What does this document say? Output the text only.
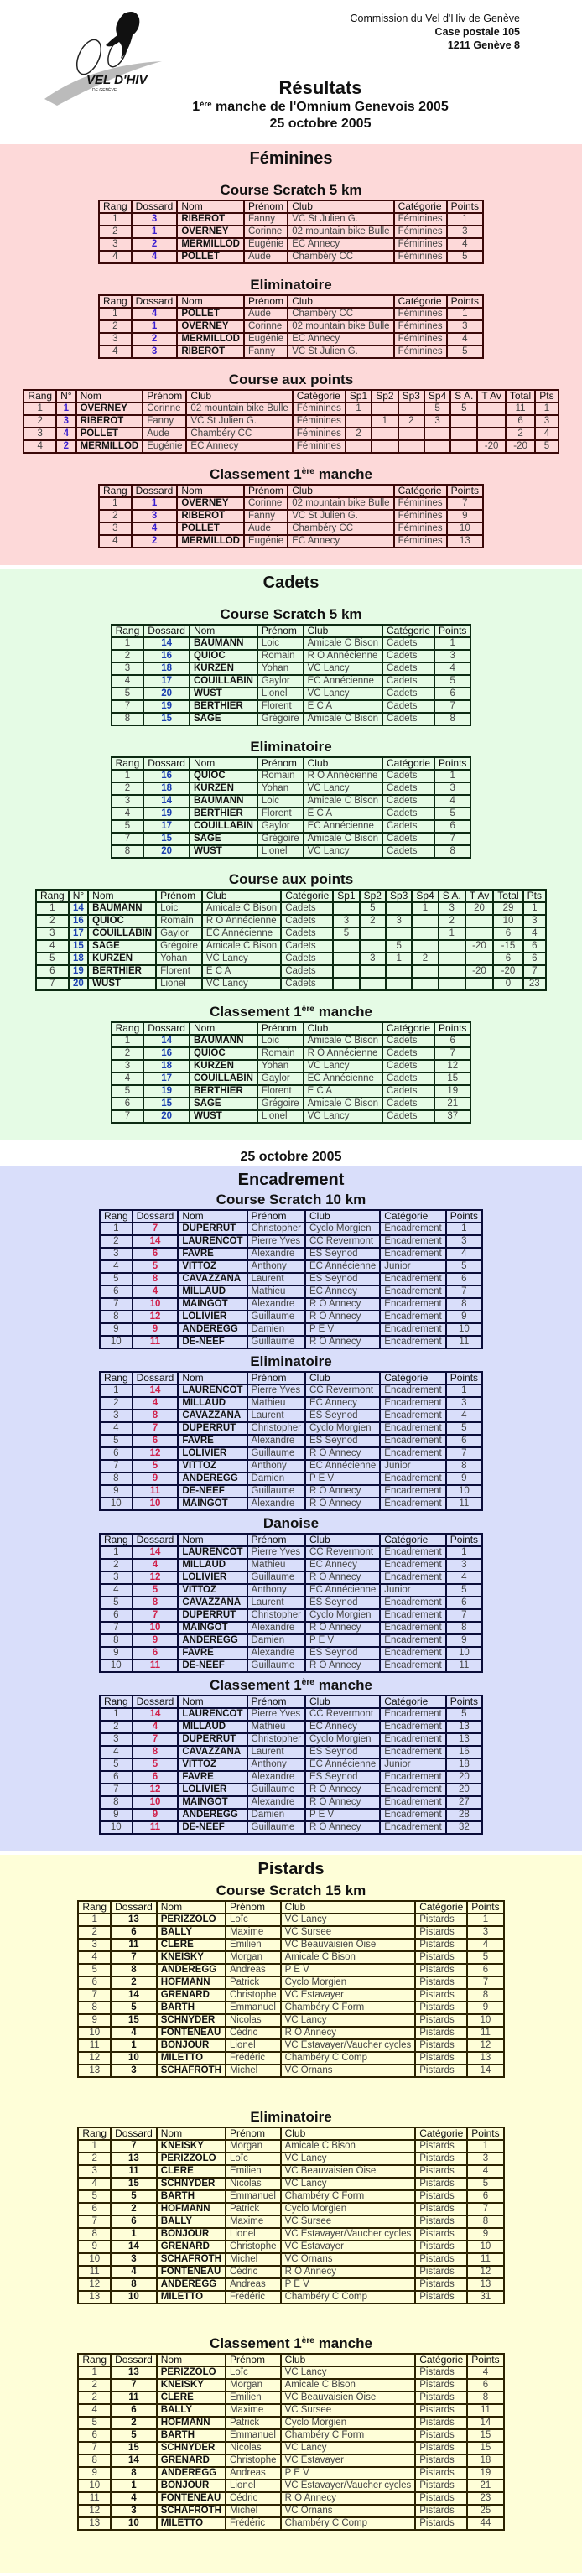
VEL D'HIV
DE GENÈVE
Commission du Vel d'Hiv de Genève
Case postale 105
1211 Genève 8
Résultats
1ère manche de l'Omnium Genevois 2005
25 octobre 2005
Féminines
Course Scratch 5 km
Rang	Dossard	Nom	Prénom	Club	Catégorie	Points
1	3	RIBEROT	Fanny	VC St Julien G.	Féminines	1
2	1	OVERNEY	Corinne	02 mountain bike Bulle	Féminines	3
3	2	MERMILLOD	Eugénie	EC Annecy	Féminines	4
4	4	POLLET	Aude	Chambéry CC	Féminines	5
Eliminatoire
Rang	Dossard	Nom	Prénom	Club	Catégorie	Points
1	4	POLLET	Aude	Chambéry CC	Féminines	1
2	1	OVERNEY	Corinne	02 mountain bike Bulle	Féminines	3
3	2	MERMILLOD	Eugénie	EC Annecy	Féminines	4
4	3	RIBEROT	Fanny	VC St Julien G.	Féminines	5
Course aux points
Rang	N°	Nom	Prénom	Club	Catégorie	Sp1	Sp2	Sp3	Sp4	S A.	T Av	Total	Pts
1	1	OVERNEY	Corinne	02 mountain bike Bulle	Féminines	1			5	5		11	1
2	3	RIBEROT	Fanny	VC St Julien G.	Féminines		1	2	3			6	3
3	4	POLLET	Aude	Chambéry CC	Féminines	2						2	4
4	2	MERMILLOD	Eugénie	EC Annecy	Féminines						-20	-20	5
Classement 1ère manche
Rang	Dossard	Nom	Prénom	Club	Catégorie	Points
1	1	OVERNEY	Corinne	02 mountain bike Bulle	Féminines	7
2	3	RIBEROT	Fanny	VC St Julien G.	Féminines	9
3	4	POLLET	Aude	Chambéry CC	Féminines	10
4	2	MERMILLOD	Eugénie	EC Annecy	Féminines	13
Cadets
Course Scratch 5 km
Rang	Dossard	Nom	Prénom	Club	Catégorie	Points
1	14	BAUMANN	Loic	Amicale C Bison	Cadets	1
2	16	QUIOC	Romain	R O Annécienne	Cadets	3
3	18	KURZEN	Yohan	VC Lancy	Cadets	4
4	17	COUILLABIN	Gaylor	EC Annécienne	Cadets	5
5	20	WUST	Lionel	VC Lancy	Cadets	6
7	19	BERTHIER	Florent	E C A	Cadets	7
8	15	SAGE	Grégoire	Amicale C Bison	Cadets	8
Eliminatoire
Rang	Dossard	Nom	Prénom	Club	Catégorie	Points
1	16	QUIOC	Romain	R O Annécienne	Cadets	1
2	18	KURZEN	Yohan	VC Lancy	Cadets	3
3	14	BAUMANN	Loic	Amicale C Bison	Cadets	4
4	19	BERTHIER	Florent	E C A	Cadets	5
5	17	COUILLABIN	Gaylor	EC Annécienne	Cadets	6
7	15	SAGE	Grégoire	Amicale C Bison	Cadets	7
8	20	WUST	Lionel	VC Lancy	Cadets	8
Course aux points
Rang	N°	Nom	Prénom	Club	Catégorie	Sp1	Sp2	Sp3	Sp4	S A.	T Av	Total	Pts
1	14	BAUMANN	Loic	Amicale C Bison	Cadets		5		1	3	20	29	1
2	16	QUIOC	Romain	R O Annécienne	Cadets	3	2	3		2		10	3
3	17	COUILLABIN	Gaylor	EC Annécienne	Cadets	5				1		6	4
4	15	SAGE	Grégoire	Amicale C Bison	Cadets			5			-20	-15	6
5	18	KURZEN	Yohan	VC Lancy	Cadets		3	1	2			6	6
6	19	BERTHIER	Florent	E C A	Cadets						-20	-20	7
7	20	WUST	Lionel	VC Lancy	Cadets							0	23
Classement 1ère manche
Rang	Dossard	Nom	Prénom	Club	Catégorie	Points
1	14	BAUMANN	Loic	Amicale C Bison	Cadets	6
2	16	QUIOC	Romain	R O Annécienne	Cadets	7
3	18	KURZEN	Yohan	VC Lancy	Cadets	12
4	17	COUILLABIN	Gaylor	EC Annécienne	Cadets	15
5	19	BERTHIER	Florent	E C A	Cadets	19
6	15	SAGE	Grégoire	Amicale C Bison	Cadets	21
7	20	WUST	Lionel	VC Lancy	Cadets	37
25 octobre 2005
Encadrement
Course Scratch 10 km
Rang	Dossard	Nom	Prénom	Club	Catégorie	Points
1	7	DUPERRUT	Christopher	Cyclo Morgien	Encadrement	1
2	14	LAURENCOT	Pierre Yves	CC Revermont	Encadrement	3
3	6	FAVRE	Alexandre	ES Seynod	Encadrement	4
4	5	VITTOZ	Anthony	EC Annécienne	Junior	5
5	8	CAVAZZANA	Laurent	ES Seynod	Encadrement	6
6	4	MILLAUD	Mathieu	EC Annecy	Encadrement	7
7	10	MAINGOT	Alexandre	R O Annecy	Encadrement	8
8	12	LOLIVIER	Guillaume	R O Annecy	Encadrement	9
9	9	ANDEREGG	Damien	P E V	Encadrement	10
10	11	DE-NEEF	Guillaume	R O Annecy	Encadrement	11
Eliminatoire
Rang	Dossard	Nom	Prénom	Club	Catégorie	Points
1	14	LAURENCOT	Pierre Yves	CC Revermont	Encadrement	1
2	4	MILLAUD	Mathieu	EC Annecy	Encadrement	3
3	8	CAVAZZANA	Laurent	ES Seynod	Encadrement	4
4	7	DUPERRUT	Christopher	Cyclo Morgien	Encadrement	5
5	6	FAVRE	Alexandre	ES Seynod	Encadrement	6
6	12	LOLIVIER	Guillaume	R O Annecy	Encadrement	7
7	5	VITTOZ	Anthony	EC Annécienne	Junior	8
8	9	ANDEREGG	Damien	P E V	Encadrement	9
9	11	DE-NEEF	Guillaume	R O Annecy	Encadrement	10
10	10	MAINGOT	Alexandre	R O Annecy	Encadrement	11
Danoise
Rang	Dossard	Nom	Prénom	Club	Catégorie	Points
1	14	LAURENCOT	Pierre Yves	CC Revermont	Encadrement	1
2	4	MILLAUD	Mathieu	EC Annecy	Encadrement	3
3	12	LOLIVIER	Guillaume	R O Annecy	Encadrement	4
4	5	VITTOZ	Anthony	EC Annécienne	Junior	5
5	8	CAVAZZANA	Laurent	ES Seynod	Encadrement	6
6	7	DUPERRUT	Christopher	Cyclo Morgien	Encadrement	7
7	10	MAINGOT	Alexandre	R O Annecy	Encadrement	8
8	9	ANDEREGG	Damien	P E V	Encadrement	9
9	6	FAVRE	Alexandre	ES Seynod	Encadrement	10
10	11	DE-NEEF	Guillaume	R O Annecy	Encadrement	11
Classement 1ère manche
Rang	Dossard	Nom	Prénom	Club	Catégorie	Points
1	14	LAURENCOT	Pierre Yves	CC Revermont	Encadrement	5
2	4	MILLAUD	Mathieu	EC Annecy	Encadrement	13
3	7	DUPERRUT	Christopher	Cyclo Morgien	Encadrement	13
4	8	CAVAZZANA	Laurent	ES Seynod	Encadrement	16
5	5	VITTOZ	Anthony	EC Annécienne	Junior	18
6	6	FAVRE	Alexandre	ES Seynod	Encadrement	20
7	12	LOLIVIER	Guillaume	R O Annecy	Encadrement	20
8	10	MAINGOT	Alexandre	R O Annecy	Encadrement	27
9	9	ANDEREGG	Damien	P E V	Encadrement	28
10	11	DE-NEEF	Guillaume	R O Annecy	Encadrement	32
Pistards
Course Scratch 15 km
Rang	Dossard	Nom	Prénom	Club	Catégorie	Points
1	13	PERIZZOLO	Loïc	VC Lancy	Pistards	1
2	6	BALLY	Maxime	VC Sursee	Pistards	3
3	11	CLERE	Emilien	VC Beauvaisien Oise	Pistards	4
4	7	KNEISKY	Morgan	Amicale C Bison	Pistards	5
5	8	ANDEREGG	Andreas	P E V	Pistards	6
6	2	HOFMANN	Patrick	Cyclo Morgien	Pistards	7
7	14	GRENARD	Christophe	VC Estavayer	Pistards	8
8	5	BARTH	Emmanuel	Chambéry C Form	Pistards	9
9	15	SCHNYDER	Nicolas	VC Lancy	Pistards	10
10	4	FONTENEAU	Cédric	R O Annecy	Pistards	11
11	1	BONJOUR	Lionel	VC Estavayer/Vaucher cycles	Pistards	12
12	10	MILETTO	Frédéric	Chambéry C Comp	Pistards	13
13	3	SCHAFROTH	Michel	VC Ornans	Pistards	14
Eliminatoire
Rang	Dossard	Nom	Prénom	Club	Catégorie	Points
1	7	KNEISKY	Morgan	Amicale C Bison	Pistards	1
2	13	PERIZZOLO	Loïc	VC Lancy	Pistards	3
3	11	CLERE	Emilien	VC Beauvaisien Oise	Pistards	4
4	15	SCHNYDER	Nicolas	VC Lancy	Pistards	5
5	5	BARTH	Emmanuel	Chambéry C Form	Pistards	6
6	2	HOFMANN	Patrick	Cyclo Morgien	Pistards	7
7	6	BALLY	Maxime	VC Sursee	Pistards	8
8	1	BONJOUR	Lionel	VC Estavayer/Vaucher cycles	Pistards	9
9	14	GRENARD	Christophe	VC Estavayer	Pistards	10
10	3	SCHAFROTH	Michel	VC Ornans	Pistards	11
11	4	FONTENEAU	Cédric	R O Annecy	Pistards	12
12	8	ANDEREGG	Andreas	P E V	Pistards	13
13	10	MILETTO	Frédéric	Chambéry C Comp	Pistards	31
Classement 1ère manche
Rang	Dossard	Nom	Prénom	Club	Catégorie	Points
1	13	PERIZZOLO	Loïc	VC Lancy	Pistards	4
2	7	KNEISKY	Morgan	Amicale C Bison	Pistards	6
2	11	CLERE	Emilien	VC Beauvaisien Oise	Pistards	8
4	6	BALLY	Maxime	VC Sursee	Pistards	11
5	2	HOFMANN	Patrick	Cyclo Morgien	Pistards	14
6	5	BARTH	Emmanuel	Chambéry C Form	Pistards	15
7	15	SCHNYDER	Nicolas	VC Lancy	Pistards	15
8	14	GRENARD	Christophe	VC Estavayer	Pistards	18
9	8	ANDEREGG	Andreas	P E V	Pistards	19
10	1	BONJOUR	Lionel	VC Estavayer/Vaucher cycles	Pistards	21
11	4	FONTENEAU	Cédric	R O Annecy	Pistards	23
12	3	SCHAFROTH	Michel	VC Ornans	Pistards	25
13	10	MILETTO	Frédéric	Chambéry C Comp	Pistards	44
